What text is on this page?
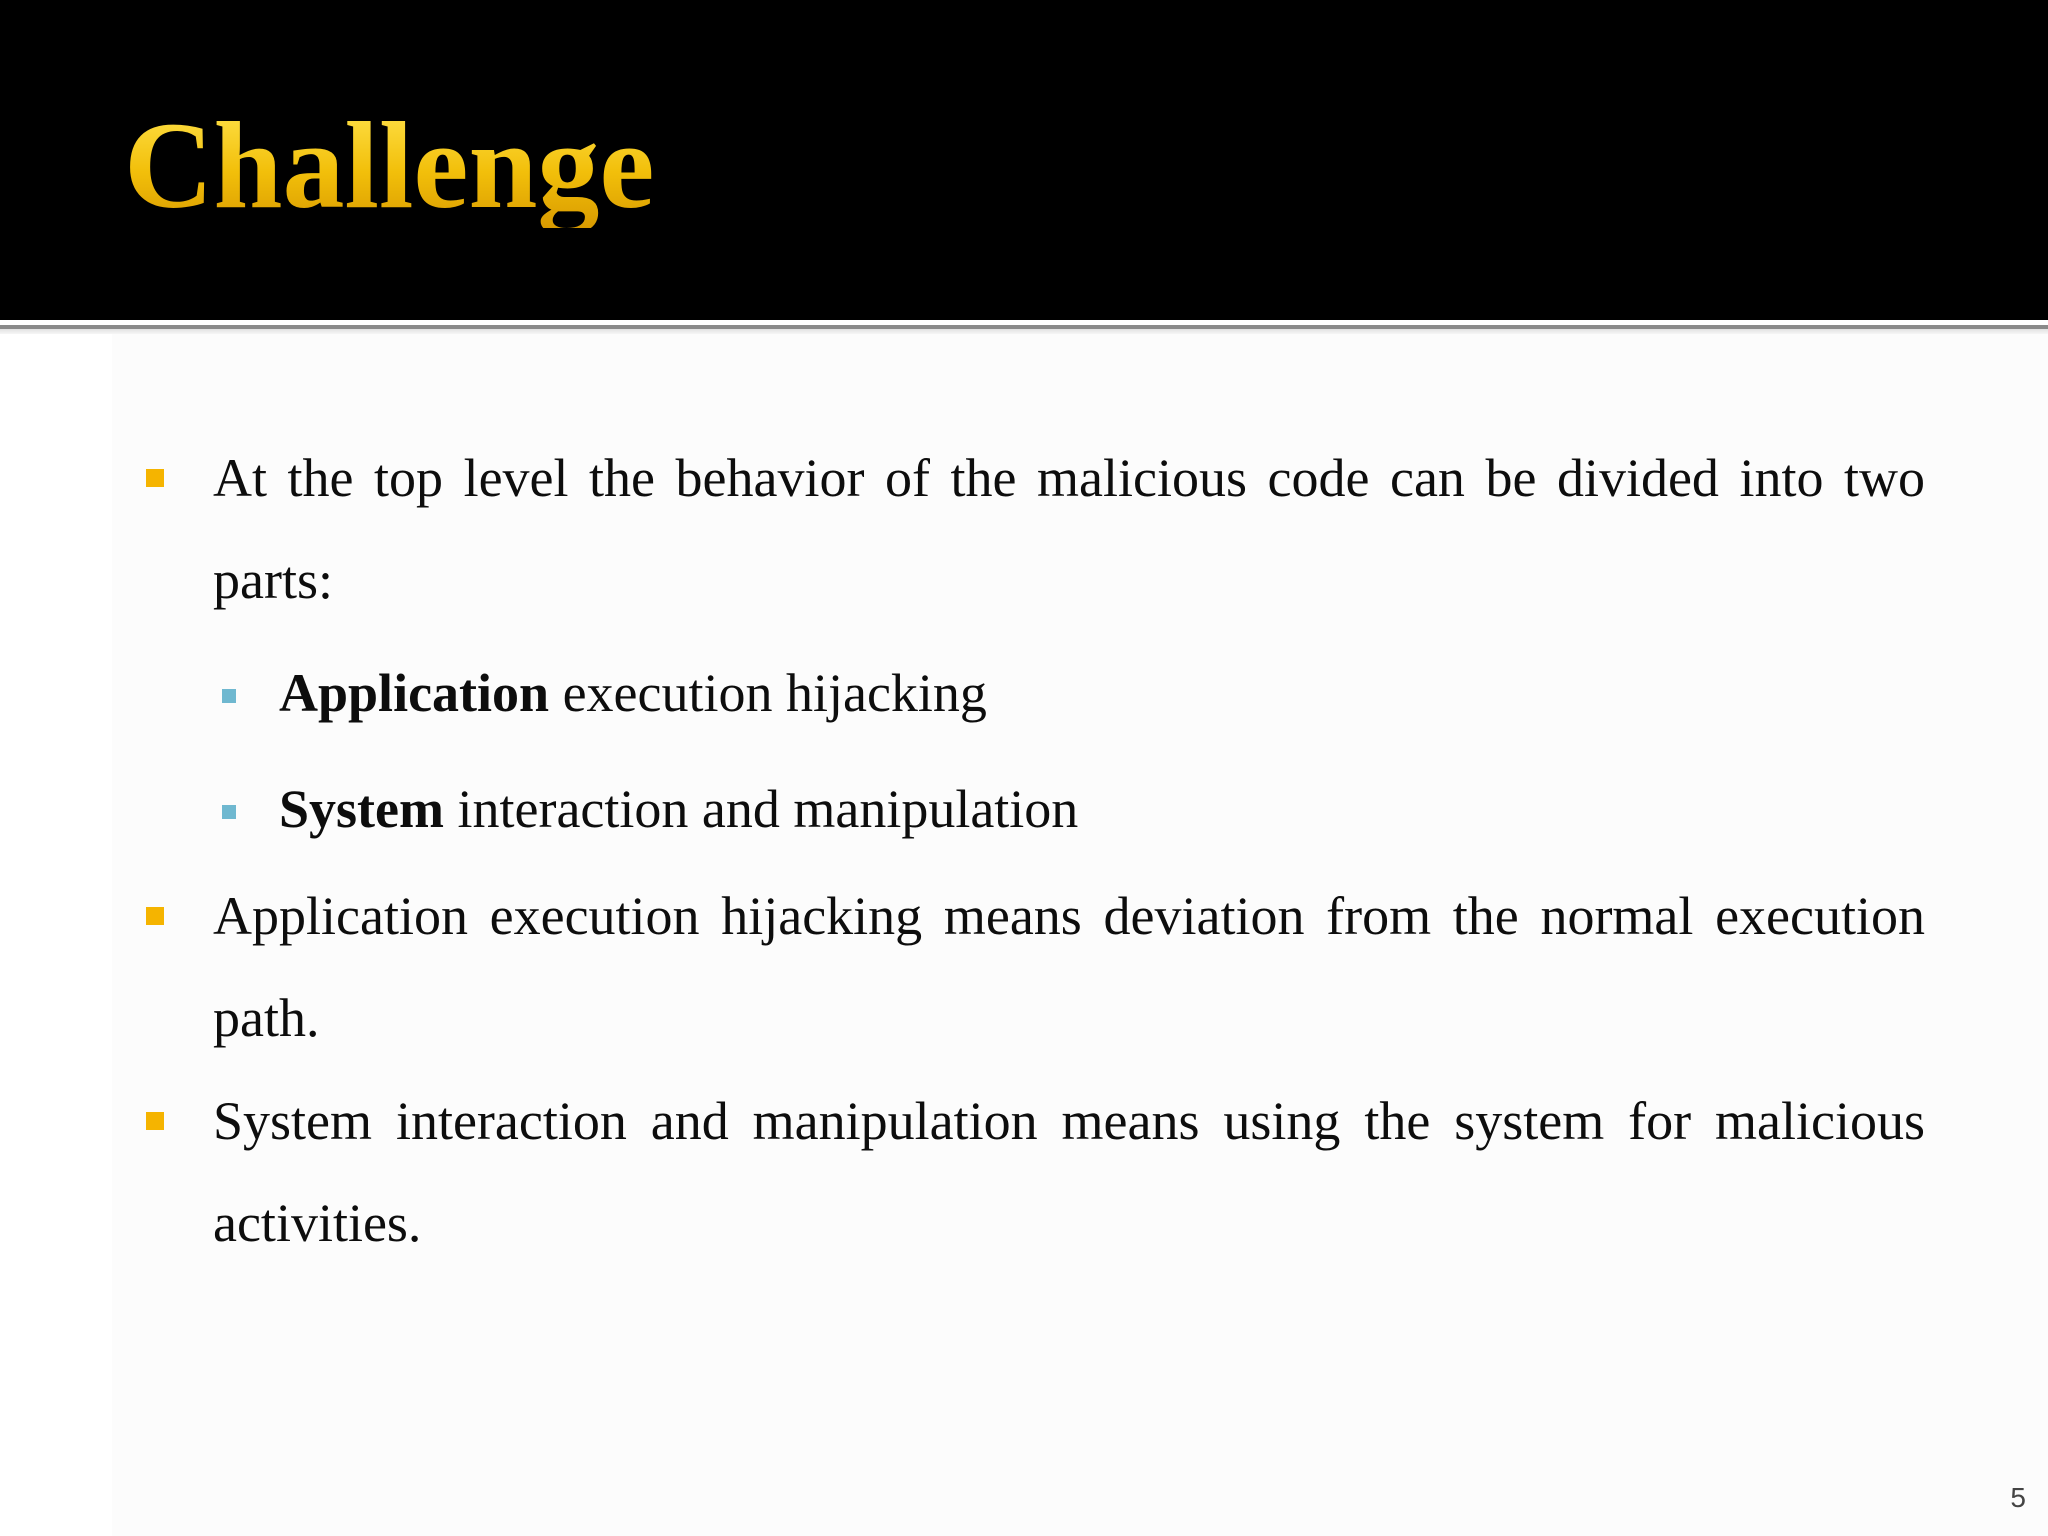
Challenge
At the top level the behavior of the malicious code can be divided into two parts:
Application execution hijacking
System interaction and manipulation
Application execution hijacking means deviation from the normal execution path.
System interaction and manipulation means using the system for malicious activities.
5
